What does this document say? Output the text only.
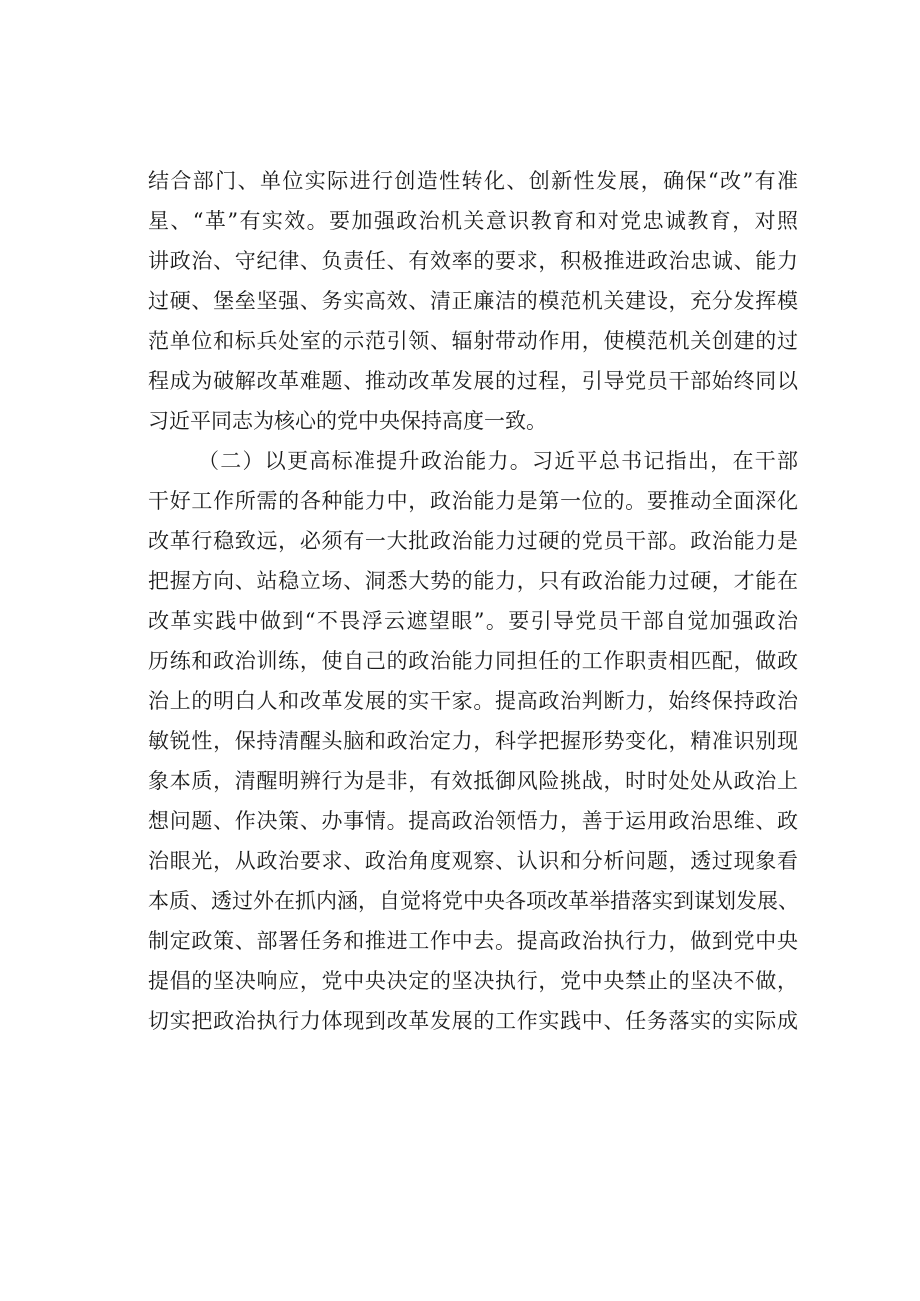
结合部门、单位实际进行创造性转化、创新性发展，确保“改”有准
星、“革”有实效。要加强政治机关意识教育和对党忠诚教育，对照
讲政治、守纪律、负责任、有效率的要求，积极推进政治忠诚、能力
过硬、堡垒坚强、务实高效、清正廉洁的模范机关建设，充分发挥模
范单位和标兵处室的示范引领、辐射带动作用，使模范机关创建的过
程成为破解改革难题、推动改革发展的过程，引导党员干部始终同以
习近平同志为核心的党中央保持高度一致。
（二）以更高标准提升政治能力。习近平总书记指出，在干部
干好工作所需的各种能力中，政治能力是第一位的。要推动全面深化
改革行稳致远，必须有一大批政治能力过硬的党员干部。政治能力是
把握方向、站稳立场、洞悉大势的能力，只有政治能力过硬，才能在
改革实践中做到“不畏浮云遮望眼”。要引导党员干部自觉加强政治
历练和政治训练，使自己的政治能力同担任的工作职责相匹配，做政
治上的明白人和改革发展的实干家。提高政治判断力，始终保持政治
敏锐性，保持清醒头脑和政治定力，科学把握形势变化，精准识别现
象本质，清醒明辨行为是非，有效抵御风险挑战，时时处处从政治上
想问题、作决策、办事情。提高政治领悟力，善于运用政治思维、政
治眼光，从政治要求、政治角度观察、认识和分析问题，透过现象看
本质、透过外在抓内涵，自觉将党中央各项改革举措落实到谋划发展、
制定政策、部署任务和推进工作中去。提高政治执行力，做到党中央
提倡的坚决响应，党中央决定的坚决执行，党中央禁止的坚决不做，
切实把政治执行力体现到改革发展的工作实践中、任务落实的实际成
